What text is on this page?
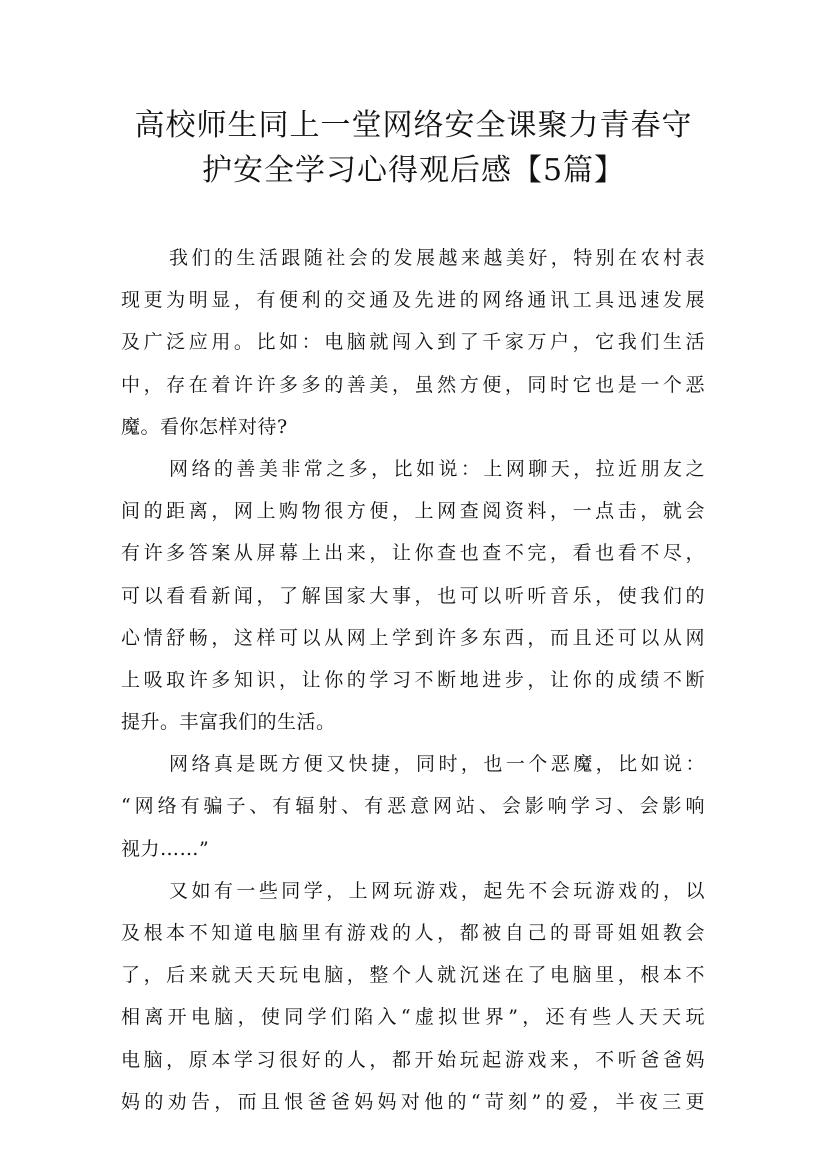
高校师生同上一堂网络安全课聚力青春守
护安全学习心得观后感【5篇】
我们的生活跟随社会的发展越来越美好，特别在农村表
现更为明显，有便利的交通及先进的网络通讯工具迅速发展
及广泛应用。比如：电脑就闯入到了千家万户，它我们生活
中，存在着许许多多的善美，虽然方便，同时它也是一个恶
魔。看你怎样对待?
网络的善美非常之多，比如说：上网聊天，拉近朋友之
间的距离，网上购物很方便，上网查阅资料，一点击，就会
有许多答案从屏幕上出来，让你查也查不完，看也看不尽，
可以看看新闻，了解国家大事，也可以听听音乐，使我们的
心情舒畅，这样可以从网上学到许多东西，而且还可以从网
上吸取许多知识，让你的学习不断地进步，让你的成绩不断
提升。丰富我们的生活。
网络真是既方便又快捷，同时，也一个恶魔，比如说：
“网络有骗子、有辐射、有恶意网站、会影响学习、会影响
视力……”
又如有一些同学，上网玩游戏，起先不会玩游戏的，以
及根本不知道电脑里有游戏的人，都被自己的哥哥姐姐教会
了，后来就天天玩电脑，整个人就沉迷在了电脑里，根本不
相离开电脑，使同学们陷入“虚拟世界”，还有些人天天玩
电脑，原本学习很好的人，都开始玩起游戏来，不听爸爸妈
妈的劝告，而且恨爸爸妈妈对他的“苛刻”的爱，半夜三更
